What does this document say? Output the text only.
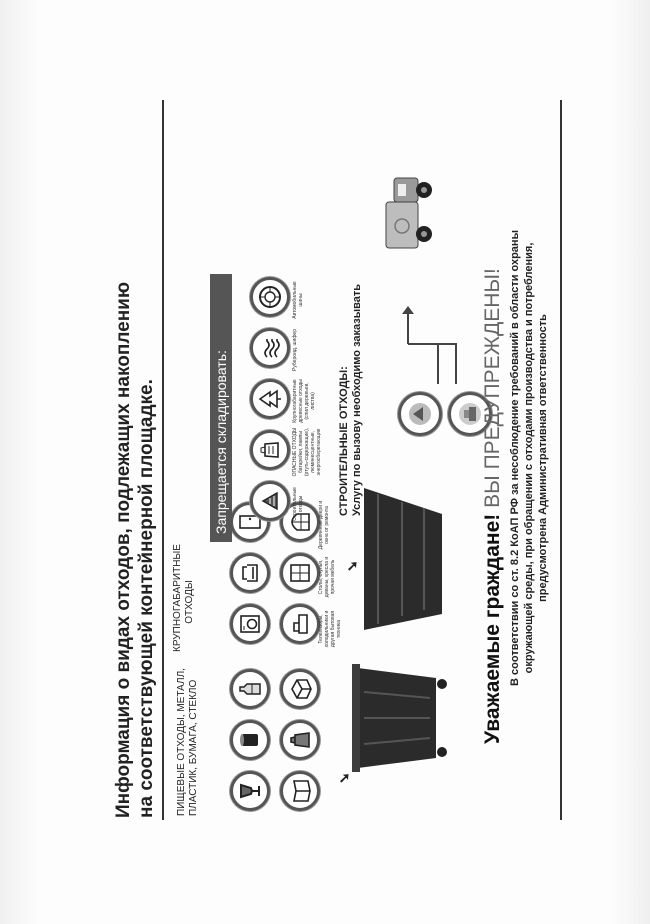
Информация о видах отходов, подлежащих накоплению на соответствующей контейнерной площадке. ПИЩЕВЫЕ ОТХОДЫ, МЕТАЛЛ, ПЛАСТИК, БУМАГА, СТЕКЛО	➘
КРУПНОГАБАРИТНЫЕ ОТХОДЫ
Телевизоры, холодильники и другая бытовая техника
Столы, стулья, диваны, кресла и прочая мебель
Деревянные двери и окна от ремонта
➘
Запрещается складировать:	Строительные отходы
ОПАСНЫЕ ОТХОДЫ батарейки, лампы (ртуть-содержащие), люминесцентные, энергосберегающие
Крупногабаритные древесные отходы (спил деревьев, листва)
Рубероид, шифер
Автомобильные шины
СТРОИТЕЛЬНЫЕ ОТХОДЫ: Услугу по вызову необходимо заказывать
Уважаемые граждане! ВЫ ПРЕДУПРЕЖДЕНЫ! В соответствии со ст. 8.2 КоАП РФ за несоблюдение требований в области охраны окружающей среды, при обращении с отходами производства и потребления, предусмотрена Административная ответственность
